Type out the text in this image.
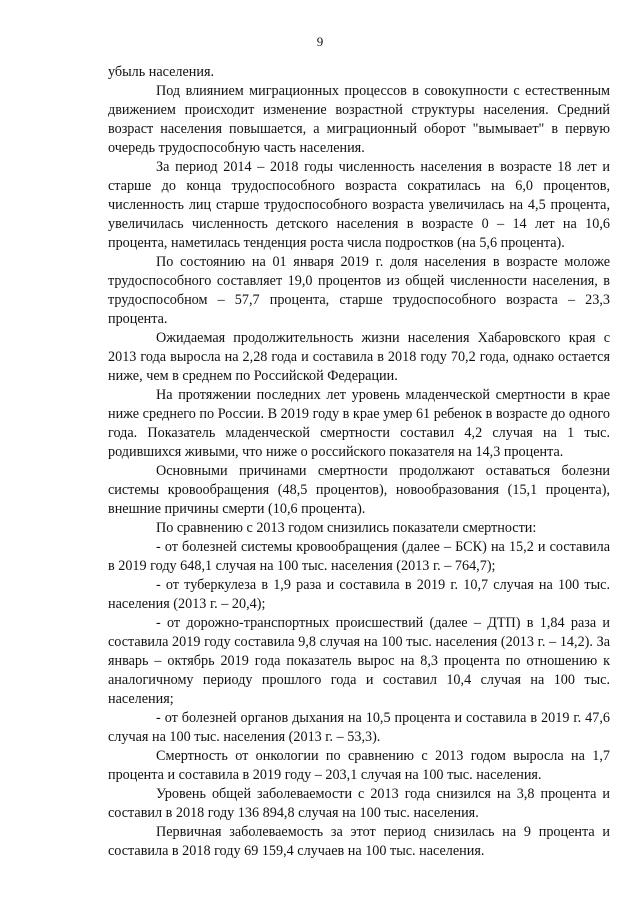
9

убыль населения.

Под влиянием миграционных процессов в совокупности с естественным движением происходит изменение возрастной структуры населения. Средний возраст населения повышается, а миграционный оборот "вымывает" в первую очередь трудоспособную часть населения.

За период 2014 – 2018 годы численность населения в возрасте 18 лет и старше до конца трудоспособного возраста сократилась на 6,0 процентов, численность лиц старше трудоспособного возраста увеличилась на 4,5 процента, увеличилась численность детского населения в возрасте 0 – 14 лет на 10,6 процента, наметилась тенденция роста числа подростков (на 5,6 процента).

По состоянию на 01 января 2019 г. доля населения в возрасте моложе трудоспособного составляет 19,0 процентов из общей численности населения, в трудоспособном – 57,7 процента, старше трудоспособного возраста – 23,3 процента.

Ожидаемая продолжительность жизни населения Хабаровского края с 2013 года выросла на 2,28 года и составила в 2018 году 70,2 года, однако остается ниже, чем в среднем по Российской Федерации.

На протяжении последних лет уровень младенческой смертности в крае ниже среднего по России. В 2019 году в крае умер 61 ребенок в возрасте до одного года. Показатель младенческой смертности составил 4,2 случая на 1 тыс. родившихся живыми, что ниже о российского показателя на 14,3 процента.

Основными причинами смертности продолжают оставаться болезни системы кровообращения (48,5 процентов), новообразования (15,1 процента), внешние причины смерти (10,6 процента).

По сравнению с 2013 годом снизились показатели смертности:

- от болезней системы кровообращения (далее – БСК) на 15,2 и составила в 2019 году 648,1 случая на 100 тыс. населения (2013 г. – 764,7);

- от туберкулеза в 1,9 раза и составила в 2019 г. 10,7 случая на 100 тыс. населения (2013 г. – 20,4);

- от дорожно-транспортных происшествий (далее – ДТП) в 1,84 раза и составила 2019 году составила 9,8 случая на 100 тыс. населения (2013 г. – 14,2). За январь – октябрь 2019 года показатель вырос на 8,3 процента по отношению к аналогичному периоду прошлого года и составил 10,4 случая на 100 тыс. населения;

- от болезней органов дыхания на 10,5 процента и составила в 2019 г. 47,6 случая на 100 тыс. населения (2013 г. – 53,3).

Смертность от онкологии по сравнению с 2013 годом выросла на 1,7 процента и составила в 2019 году – 203,1 случая на 100 тыс. населения.

Уровень общей заболеваемости с 2013 года снизился на 3,8 процента и составил в 2018 году 136 894,8 случая на 100 тыс. населения.

Первичная заболеваемость за этот период снизилась на 9 процента и составила в 2018 году 69 159,4 случаев на 100 тыс. населения.
